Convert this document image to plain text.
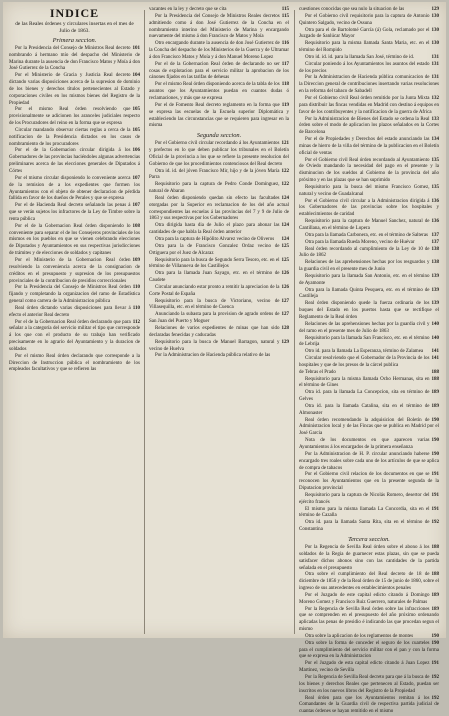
INDICE
de las Reales órdenes y circulares insertas en el mes de Julio de 1863.
Primera seccion.

101
Por la Presidencia del Consejo de Ministros Real decreto nombrando á hermano mío del despacho del Ministerio de Marina durante la ausencia de don Francisco Matos y Moía á don José Gutierrez de la Concha

104
Por el Ministerio de Gracia y Justicia Real decreto dictando varias disposiciones acerca de la supresion de dominio de los bienes y derechos títulos pertenecientes al Estado y corporaciones civiles en los mismos bienes del Registro de la Propiedad

105
Por el mismo Real órden resolviendo que provisionalmente se adicionen los aranceles judiciales respecto de los Procuradores del reino en la forma que se expresa

105
Circular mandando observar ciertas reglas a cerca de la notificacion de la Presidencia dictados en los casos de nombramiento de los procuradores

106
Por el de la Gobernacion circular dirigida á los Gobernadores de las provincias haciéndoles algunas advertencias preliminares acerca de las elecciones generales de Diputados á Córtes

107
Por el mismo circular disponiendo lo conveniente acerca de la remision de a los expedientes que formen los Ayuntamientos con el objeto de obtener declaracion de pérdida fallida en favor de los dueños de Perales y que se expresa

107
Por el de Hacienda Real decreto señalando las penas á que se verán sujetos los infractores de la Ley de Timbre sobre la renta pública

108
Por el de la Gobernacion Real órden disponiendo lo conveniente para separar el de los Consejeros provinciales de los mismos en los pueblos en que se vienen celebrando elecciones de Diputados y Ayuntamientos en sus respectivas jurisdicciones de trámites y de elecciones de soldados y capitanes

109
Por el Ministerio de la Gobernacion Real órden resolviendo la conveniencia acerca de la consignacion de créditos en el presupuesto y supresion de los presupuestos provinciales de la contribucion de presidios correccionales

110
Por la Presidencia del Consejo de Ministros Real órden fijando y completando la organizacion del ramo de Estadística general como carrera de la Administracion pública

110
Real órden dictando varias disposiciones para llevar á efecto el anterior Real decreto

112
Por el de la Gobernacion Real órden declarando que para señalar a la categoría del servicio militar el tipo que corresponde á los que con el producto de su trabajo han verificado precisamente en lo agrario del Ayuntamiento y la duracion de soldados

Por el mismo Real órden declarando que corresponde a la Direccion de Instruccion pública el nombramiento de los empleados facultativos y que se refieren las

115
vacantes en la ley y decreto que se cita

115
Por la Presidencia del Consejo de Ministros Reales decretos admitiendo como á don José Gutierrez de la Concha en el nombramiento interino del Ministerio de Marina y encargando nuevamente del mismo á don Francisco de Matos y Moía

116
Otro encargando durante la ausencia de don José Gutierrez de la Concha del despacho de los Ministerios de la Guerra y de Ultramar á don Francisco Matos y Moía y á don Manuel Moreno Lopez

117
Por el de la Gobernacion Real órden de declarando no ser cosas de explotacion para el servicio militar la aprobacion de los cánones fijados en las tarifas de dehesas

118
Por el mismo Real órden disponiendo acerca de la tabla de los asuntos que los Ayuntamientos puedan en cuantos dudas ó reclamaciones, y más que se expresa

119
Por el de Fomento Real decreto reglamento en la forma que se expresa las escuelas de la Escuela superior Diplomática y estableciendo las circunstancias que se requieren para ingresar en la misma

Segunda seccion.

121
Por el Gobierno civil circular recordando á los Ayuntamientos y prefectos en lo que deben publicar los tribunales en el Boletín Oficial de la provincia a los que se refiere la presente resolucion del Gobierno de que los procedimientos contenciosos del Real decreto

122
Otra id. id. del jóven Francisco Mir, hijo y de la jóven María Parra

122
Requisitorio para la captura de Pedro Conde Domínguez, natural de Abaran

124
Real órden disponiendo quedan sin efecto las facultades otorgadas por la Superior en reclamacion de los del año actual correspondientes las escuelas á las provincias del 7 y 9 de Julio de 1863 y sus respectivas por los Gobernadores

124
Otra dirigida hasta dia de Julio el plazo para abonar las cantidades de que habla la Real órden anterior

124
Otra para la captura de Hipólito Alvarez vecino de Oliveros

125
Otra para la de Francisco Gonzalez Ordaz vecino de Ortiguera por el Juez de Alcaraz

125
Requisitorio para la busca de Segundo Serra Tesoro, etc. en el término de Villanueva de los Castillejos

126
Otra para la llamada Juan Sayago, etc. en el término de Caudete

126
Circular anunciando estar pronto a remitir la apreciacion de la Corte Postal de España

127
Requisitorio para la busca de Victoriano, vecino de Villasequilla, etc. en el término de Cuenca

127
Anunciando la subasta para la provision de agrado ordens de San Juan del Puerto y Moguer

128
Relaciones de varios expedientes de minas que han sido declaradas fenecidas y caducadas

129
Requisitorio para la busca de Manuel Barragon, natural y vecino de Huelva

Por la Administracion de Hacienda pública relativo de las

129
cuestiones conocidas que sea nulo la situacion de las

130
Por el Gobierno civil requisitorio para la captura de Antonio Quintero Salgado, vecino de Ossuna

130
Otra para el de Bartolomé García (á) Gola, reclamado por el Juzgado de Sanlúcar Mayor

130
Requisitorio para la misma llamada Santa Maria, etc. en el término del Rompido

131
Otro id. id. id. para la llamada San José, término de id.

131
Circular poniendo á los Ayuntamientos los asuntos del estado de los precios

131
Por la Administracion de Hacienda pública comunicacion de la Direccion general de contribuciones insertando varias resoluciones en la reforma del tabaco de Sabadell

132
Por el Gobierno civil Real órden remitido por la Junta Mixta para distribuir las fincas vendidas en Madrid con destino á equipos en favor de los contribuyentes y la notificacion de la guerra de Africa

133
Por la Administracion de Bienes del Estado se ordena la Real órden sobre el modo de aplicacion los plazos señalados en la Cortes de Barcelona

134
Por el de Propiedades y Derechos del estado anunciando las minas de hierro de la villa del término de la publicacion en el Boletín oficial de ventas

135
Por el Gobierno civil Real órden recordando al Ayuntamiento de Oviedo mandando la necesidad del pago en el presente y la disminucion de los sueldos al Gobierno de la provincia del año próximo y en las plazas que se han suprimido

135
Requisitorio para la busca del mismo Francisco Gomez, natural y vecino de Guadalcanal

136
Por el Gobierno civil circular a la Administracion dirigida á los Gobernadores de las provincias sobre los hospitales y establecimientos de caridad

136
Requisitorio para la captura de Manuel Sanchez, natural de Cantillana, en el término de Lopera

137
Otra para la llamada Carbonera, etc. en el término de Salteras

137
Otra para la llamada Rueda Moreno, vecino de Huévar

138
Real órden recordando al cumplimiento de la Ley de 10 de Julio de 1862

138
Relaciones de las aprehensiones hechas por los resguardos y la guardia civil en el presente mes de Junio

139
Requisitorio para la llamada San Antonio, etc. en el término de Ayamonte

139
Otra para la llamada Quinta Pesquera, etc. en el término de Castilleja

139
Real órden disponiendo quede la fuerza ordinaria de los buques del Estado en los puertos hasta que se rectifique el Reglamento de la Real órden

140
Relaciones de las aprehensiones hechas por la guardia civil y del ramo en el presente mes de Julio de 1863

140
Requisitorio para la llamada San Francisco, etc. en el término de Lebrija

141
Otro id. para la llamada La Esperanza, término de Zalamea

141
Circular resolviendo que el Gobernador de la Provincia de los hospitales y que de los presos de la cárcel publica

188
de Tebras el Prado

188
Requisitorio para la misma llamada Ocho Hermanas, sita en el término de Gines

189
Otra id. para la llamada La Concepcion, sita en término de Gelves

189
Otra id. para la llamada Catalina, sita en el término de Almonaster

190
Real órden recomendando la adquisicion del Boletín de Administracion local y de las Fincas que se publica en Madrid por el José Garcia

190
Nota de los documentos en que aparecen varias Ayuntamientos á los encargados de la primera enseñanza

190
Por la Administracion de H. P. circular anunciando haberse encargado tres roales sobre cada uno de los artículos de que se aplica de compra de tabacos

191
Por el Gobierno civil relacion de los documentos en que se reconocen los Ayuntamientos que en la presente segunda de la Diputacion provincial

191
Requisitorio para la captura de Nicolás Romero, desertor del ejército francés

191
El mismo para la misma llamada La Concordia, sita en el término de Cazalla

192
Otra id. para la llamada Santa Rita, sita en el término de Constantina

Tercera seccion.

188
Por la Regencia de Sevilla Real órden sobre el abono á los soldados de la Regia de guarnecer estas plazas, sin que se pueda satisfacer dichos abonos sino con las cantidades de la partida señalada en el presupuesto

188
Otra sobre el cumplimiento del Real decreto de 18 de diciembre de 1856 y de la Real órden de 15 de junio de 1860, sobre el ingreso de sus antecedentes en establecimientos penales

189
Por el Juzgado de este capital edicto citando á Domingo Moreno Gomez y Francisco Ruiz Guerrero, naturales de Palmas

189
Por la Regencia de Sevilla Real órden sobre las infracciones que se comprenden en el presupuesto del año próximo ordenando aplicadas las penas de presidio é indicando las que procedan segun el mismo

190
Otra sobre la aplicacion de los reglamentos de montes

190
Otra sobre la forma de conceder el seguro de los cuarteles para el cumplimiento del servicio militar con el pan y con la forma que se expresa en la Administracion

191
Por el Juzgado de esta capital edicto citando á Juan Lopez Martinez, vecino de Sevilla

192
Por la Regencia de Sevilla Real decreto para que á la busca de los bienes y derechos Reales que pertenecen al Estado, puedan ser inscritos en los nuevos libros del Registro de la Propiedad

192
Real órden para que los Ayuntamientos remitan á los Comandantes de la Guardia civil de respectiva partida judicial de cuantas órdenes se hayan remitido en el mismo
